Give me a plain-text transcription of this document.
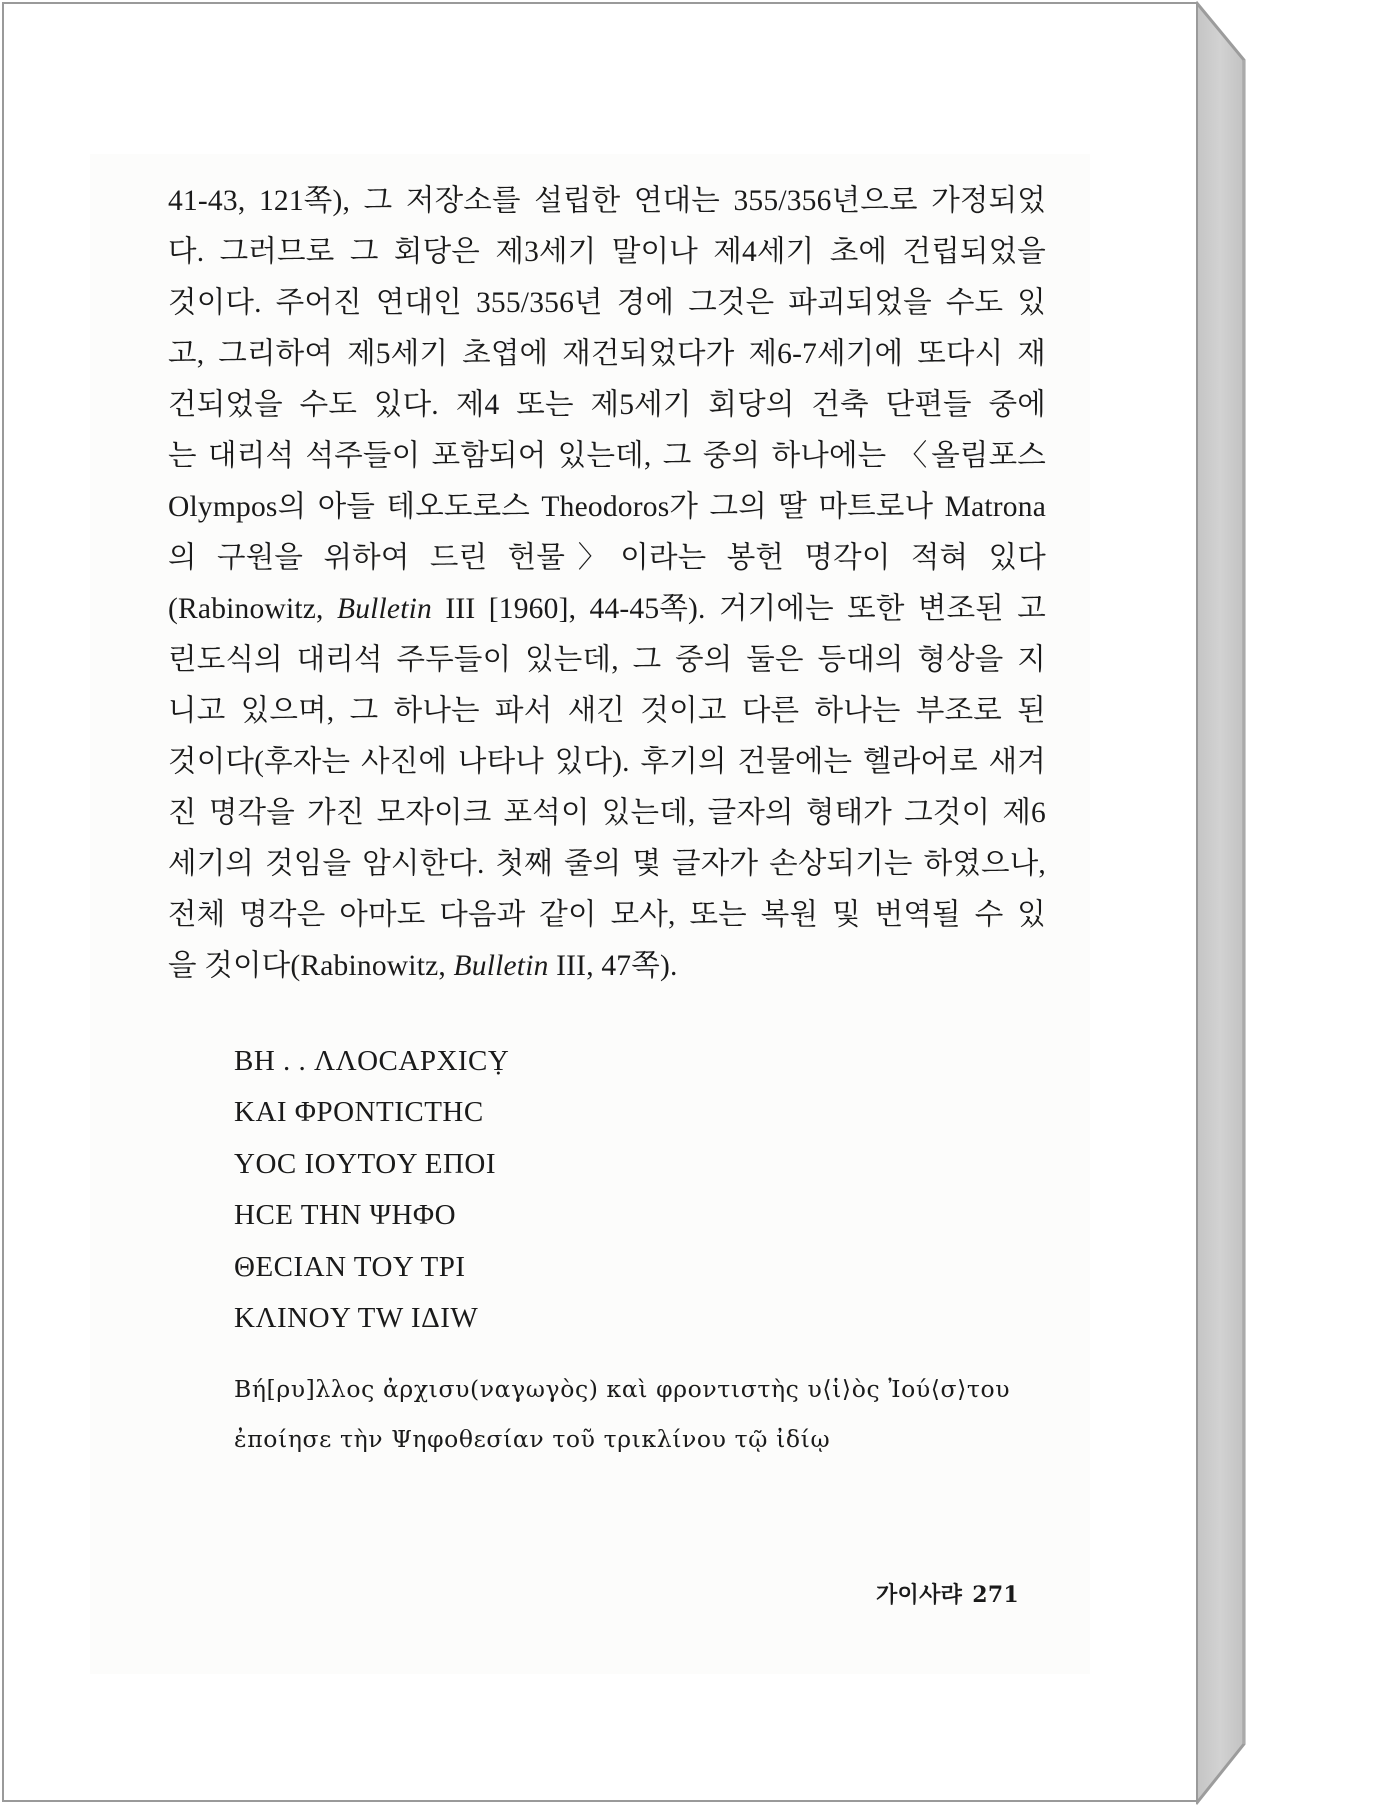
41-43, 121쪽), 그 저장소를 설립한 연대는 355/356년으로 가정되었
다. 그러므로 그 회당은 제3세기 말이나 제4세기 초에 건립되었을
것이다. 주어진 연대인 355/356년 경에 그것은 파괴되었을 수도 있
고, 그리하여 제5세기 초엽에 재건되었다가 제6-7세기에 또다시 재
건되었을 수도 있다. 제4 또는 제5세기 회당의 건축 단편들 중에
는 대리석 석주들이 포함되어 있는데, 그 중의 하나에는 〈올림포스
Olympos의 아들 테오도로스 Theodoros가 그의 딸 마트로나 Matrona
의 구원을 위하여 드린 헌물〉이라는 봉헌 명각이 적혀 있다
(Rabinowitz, Bulletin III [1960], 44-45쪽). 거기에는 또한 변조된 고
린도식의 대리석 주두들이 있는데, 그 중의 둘은 등대의 형상을 지
니고 있으며, 그 하나는 파서 새긴 것이고 다른 하나는 부조로 된
것이다(후자는 사진에 나타나 있다). 후기의 건물에는 헬라어로 새겨
진 명각을 가진 모자이크 포석이 있는데, 글자의 형태가 그것이 제6
세기의 것임을 암시한다. 첫째 줄의 몇 글자가 손상되기는 하였으나,
전체 명각은 아마도 다음과 같이 모사, 또는 복원 및 번역될 수 있
을 것이다(Rabinowitz, Bulletin III, 47쪽).
BH . . ΛΛOCAPXICỴ
KAI ΦPONTICTHC
YOC IOYTOY EΠOI
HCE THN ΨHΦO
ΘECIAN TOY TPI
KΛINOY TW IΔIW
Βή[ρυ]λλος ἀρχισυ(ναγωγὸς) καὶ φροντιστὴς υ⟨ἱ⟩ὸς Ἰού⟨σ⟩του
ἐποίησε τὴν Ψηφοθεσίαν τοῦ τρικλίνου τῷ ἰδίῳ
가이사랴 271
